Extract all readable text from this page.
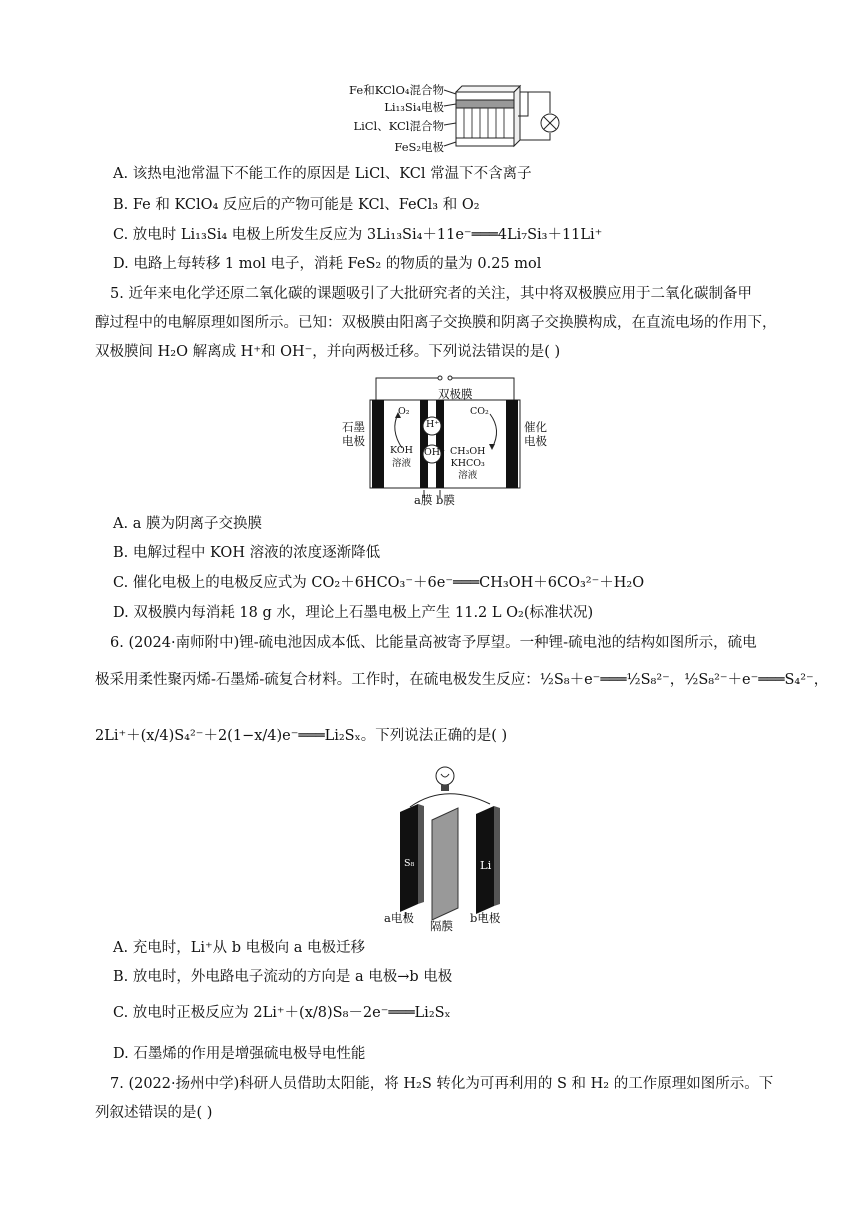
Fe和KClO₄混合物
Li₁₃Si₄电极
LiCl、KCl混合物
FeS₂电极
A. 该热电池常温下不能工作的原因是 LiCl、KCl 常温下不含离子
B. Fe 和 KClO₄ 反应后的产物可能是 KCl、FeCl₃ 和 O₂
C. 放电时 Li₁₃Si₄ 电极上所发生反应为 3Li₁₃Si₄＋11e⁻═══4Li₇Si₃＋11Li⁺
D. 电路上每转移 1 mol 电子，消耗 FeS₂ 的物质的量为 0.25 mol
5. 近年来电化学还原二氧化碳的课题吸引了大批研究者的关注，其中将双极膜应用于二氧化碳制备甲
醇过程中的电解原理如图所示。已知：双极膜由阳离子交换膜和阴离子交换膜构成，在直流电场的作用下，
双极膜间 H₂O 解离成 H⁺和 OH⁻，并向两极迁移。下列说法错误的是( )
双极膜
石墨
电极
催化
电极
O₂	CO₂
KOH
溶液
H⁺
OH⁻ CH₃OH
KHCO₃
溶液
a膜 b膜
A. a 膜为阴离子交换膜
B. 电解过程中 KOH 溶液的浓度逐渐降低
C. 催化电极上的电极反应式为 CO₂＋6HCO₃⁻＋6e⁻═══CH₃OH＋6CO₃²⁻＋H₂O
D. 双极膜内每消耗 18 g 水，理论上石墨电极上产生 11.2 L O₂(标准状况)
6. (2024·南师附中)锂-硫电池因成本低、比能量高被寄予厚望。一种锂-硫电池的结构如图所示，硫电
极采用柔性聚丙烯-石墨烯-硫复合材料。工作时，在硫电极发生反应：½S₈＋e⁻═══½S₈²⁻，½S₈²⁻＋e⁻═══S₄²⁻，
2Li⁺＋(x/4)S₄²⁻＋2(1−x/4)e⁻═══Li₂Sₓ。下列说法正确的是( )
S₈	Li
a电极
隔膜
b电极
A. 充电时，Li⁺从 b 电极向 a 电极迁移
B. 放电时，外电路电子流动的方向是 a 电极→b 电极
C. 放电时正极反应为 2Li⁺＋(x/8)S₈－2e⁻═══Li₂Sₓ
D. 石墨烯的作用是增强硫电极导电性能
7. (2022·扬州中学)科研人员借助太阳能，将 H₂S 转化为可再利用的 S 和 H₂ 的工作原理如图所示。下
列叙述错误的是( )
